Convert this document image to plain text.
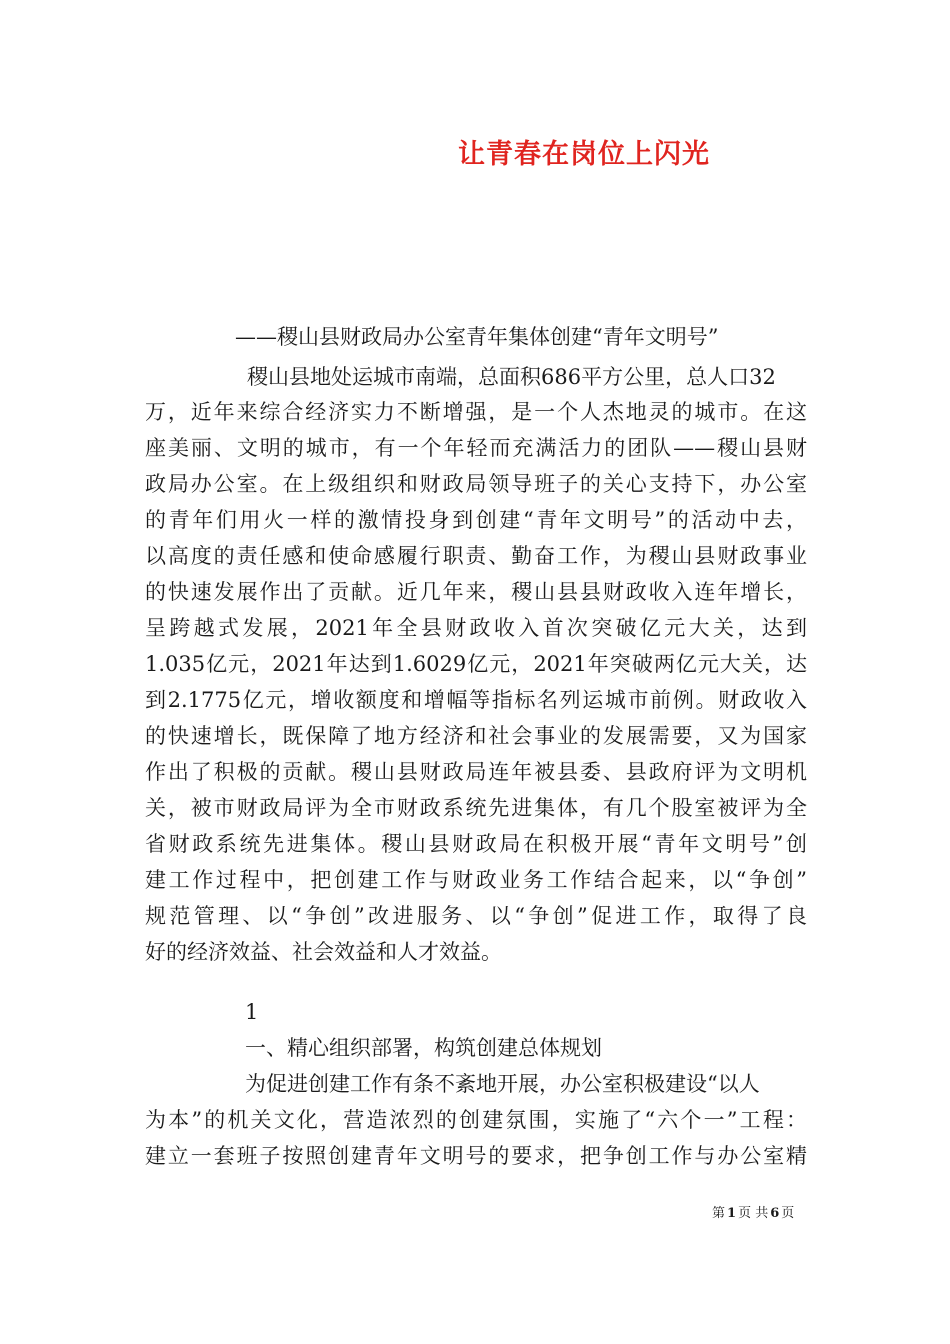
让青春在岗位上闪光
——稷山县财政局办公室青年集体创建“青年文明号”
稷山县地处运城市南端，总面积686平方公里，总人口32
万，近年来综合经济实力不断增强，是一个人杰地灵的城市。在这
座美丽、文明的城市，有一个年轻而充满活力的团队——稷山县财
政局办公室。在上级组织和财政局领导班子的关心支持下，办公室
的青年们用火一样的激情投身到创建“青年文明号”的活动中去，
以高度的责任感和使命感履行职责、勤奋工作，为稷山县财政事业
的快速发展作出了贡献。近几年来，稷山县县财政收入连年增长，
呈跨越式发展，2021年全县财政收入首次突破亿元大关，达到
1.035亿元，2021年达到1.6029亿元，2021年突破两亿元大关，达
到2.1775亿元，增收额度和增幅等指标名列运城市前例。财政收入
的快速增长，既保障了地方经济和社会事业的发展需要，又为国家
作出了积极的贡献。稷山县财政局连年被县委、县政府评为文明机
关，被市财政局评为全市财政系统先进集体，有几个股室被评为全
省财政系统先进集体。稷山县财政局在积极开展“青年文明号”创
建工作过程中，把创建工作与财政业务工作结合起来，以“争创”
规范管理、以“争创”改进服务、以“争创”促进工作，取得了良
好的经济效益、社会效益和人才效益。
1
一、精心组织部署，构筑创建总体规划
为促进创建工作有条不紊地开展，办公室积极建设“以人
为本”的机关文化，营造浓烈的创建氛围，实施了“六个一”工程：
建立一套班子按照创建青年文明号的要求，把争创工作与办公室精
第 1 页 共 6 页
